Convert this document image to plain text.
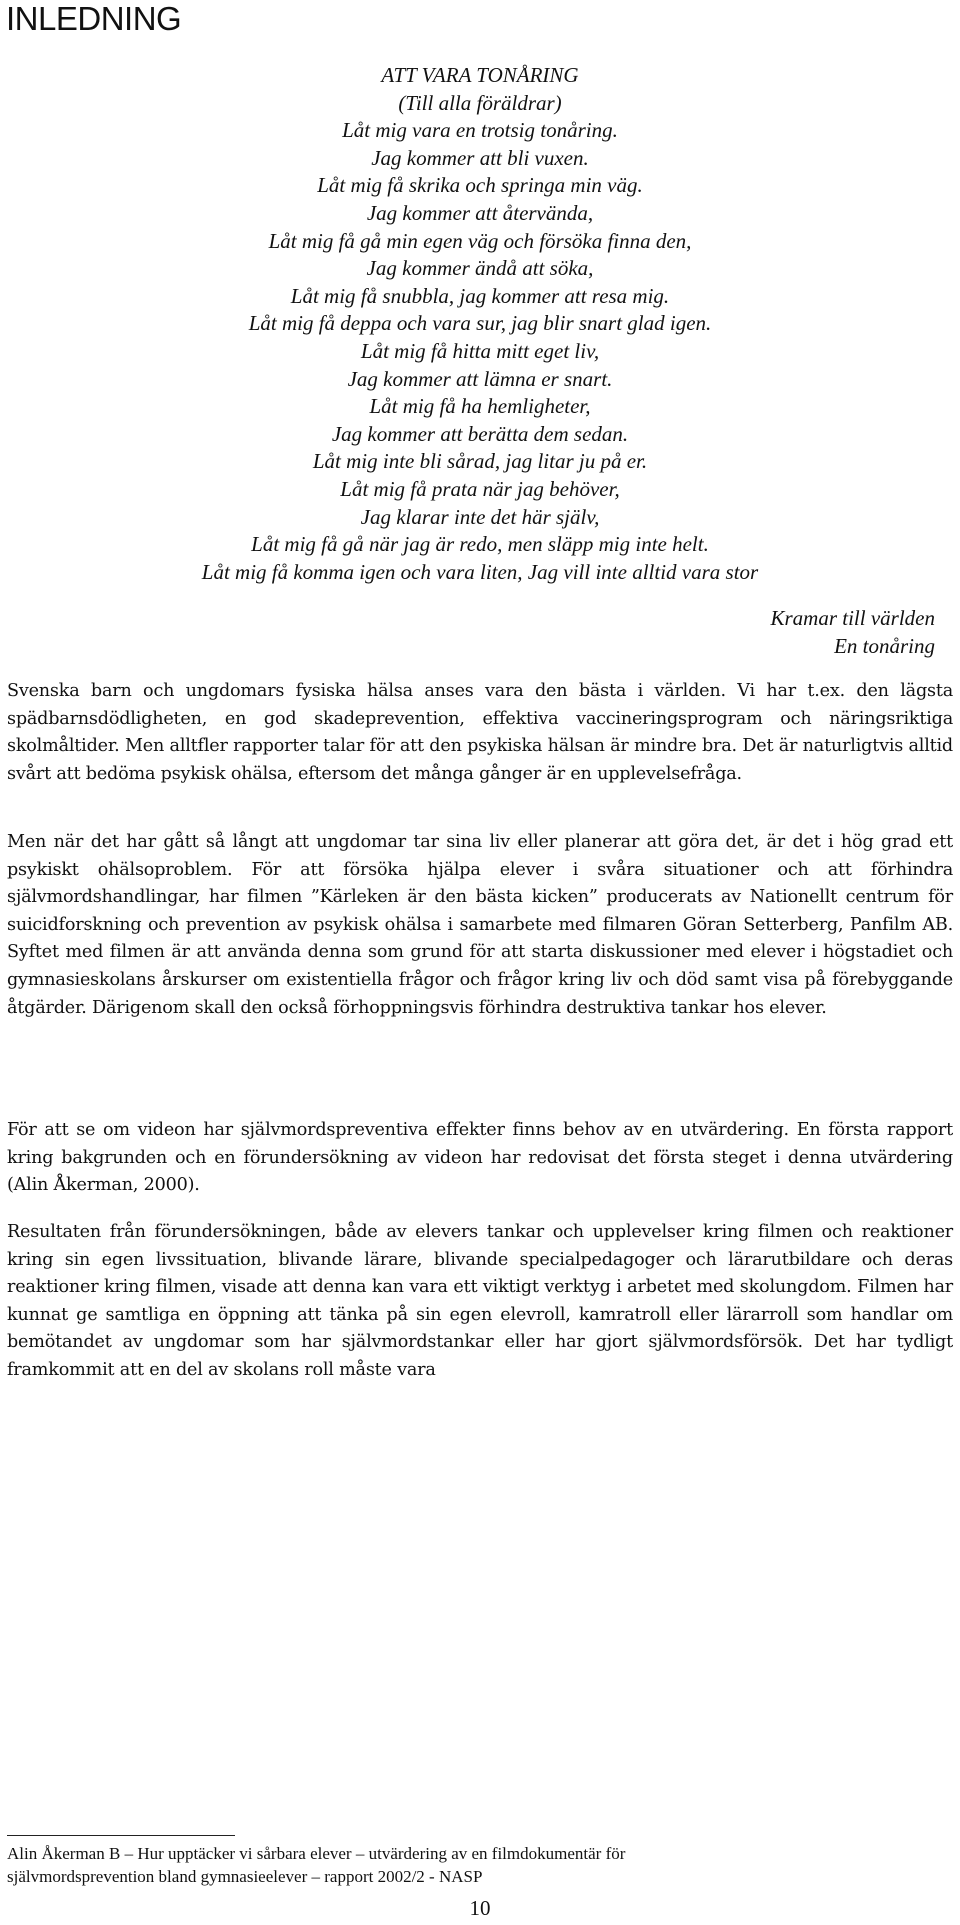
INLEDNING
ATT VARA TONÅRING
(Till alla föräldrar)
Låt mig vara en trotsig tonåring.
Jag kommer att bli vuxen.
Låt mig få skrika och springa min väg.
Jag kommer att återvända,
Låt mig få gå min egen väg och försöka finna den,
Jag kommer ändå att söka,
Låt mig få snubbla, jag kommer att resa mig.
Låt mig få deppa och vara sur, jag blir snart glad igen.
Låt mig få hitta mitt eget liv,
Jag kommer att lämna er snart.
Låt mig få ha hemligheter,
Jag kommer att berätta dem sedan.
Låt mig inte bli sårad, jag litar ju på er.
Låt mig få prata när jag behöver,
Jag klarar inte det här själv,
Låt mig få gå när jag är redo, men släpp mig inte helt.
Låt mig få komma igen och vara liten, Jag vill inte alltid vara stor
Kramar till världen
En tonåring

Svenska barn och ungdomars fysiska hälsa anses vara den bästa i världen. Vi har t.ex. den lägsta spädbarnsdödligheten, en god skadeprevention, effektiva vaccineringsprogram och näringsriktiga skolmåltider. Men alltfler rapporter talar för att den psykiska hälsan är mindre bra. Det är naturligtvis alltid svårt att bedöma psykisk ohälsa, eftersom det många gånger är en upplevelsefråga.

Men när det har gått så långt att ungdomar tar sina liv eller planerar att göra det, är det i hög grad ett psykiskt ohälsoproblem. För att försöka hjälpa elever i svåra situationer och att förhindra självmordshandlingar, har filmen ”Kärleken är den bästa kicken” producerats av Nationellt centrum för suicidforskning och prevention av psykisk ohälsa i samarbete med filmaren Göran Setterberg, Panfilm AB. Syftet med filmen är att använda denna som grund för att starta diskussioner med elever i högstadiet och gymnasieskolans årskurser om existentiella frågor och frågor kring liv och död samt visa på förebyggande åtgärder. Därigenom skall den också förhoppningsvis förhindra destruktiva tankar hos elever.

För att se om videon har självmordspreventiva effekter finns behov av en utvärdering. En första rapport kring bakgrunden och en förundersökning av videon har redovisat det första steget i denna utvärdering (Alin Åkerman, 2000).

Resultaten från förundersökningen, både av elevers tankar och upplevelser kring filmen och reaktioner kring sin egen livssituation, blivande lärare, blivande specialpedagoger och lärarutbildare och deras reaktioner kring filmen, visade att denna kan vara ett viktigt verktyg i arbetet med skolungdom. Filmen har kunnat ge samtliga en öppning att tänka på sin egen elevroll, kamratroll eller lärarroll som handlar om bemötandet av ungdomar som har självmordstankar eller har gjort självmordsförsök. Det har tydligt framkommit att en del av skolans roll måste vara

Alin Åkerman B – Hur upptäcker vi sårbara elever – utvärdering av en filmdokumentär för
självmordsprevention bland gymnasieelever – rapport 2002/2 - NASP
10
